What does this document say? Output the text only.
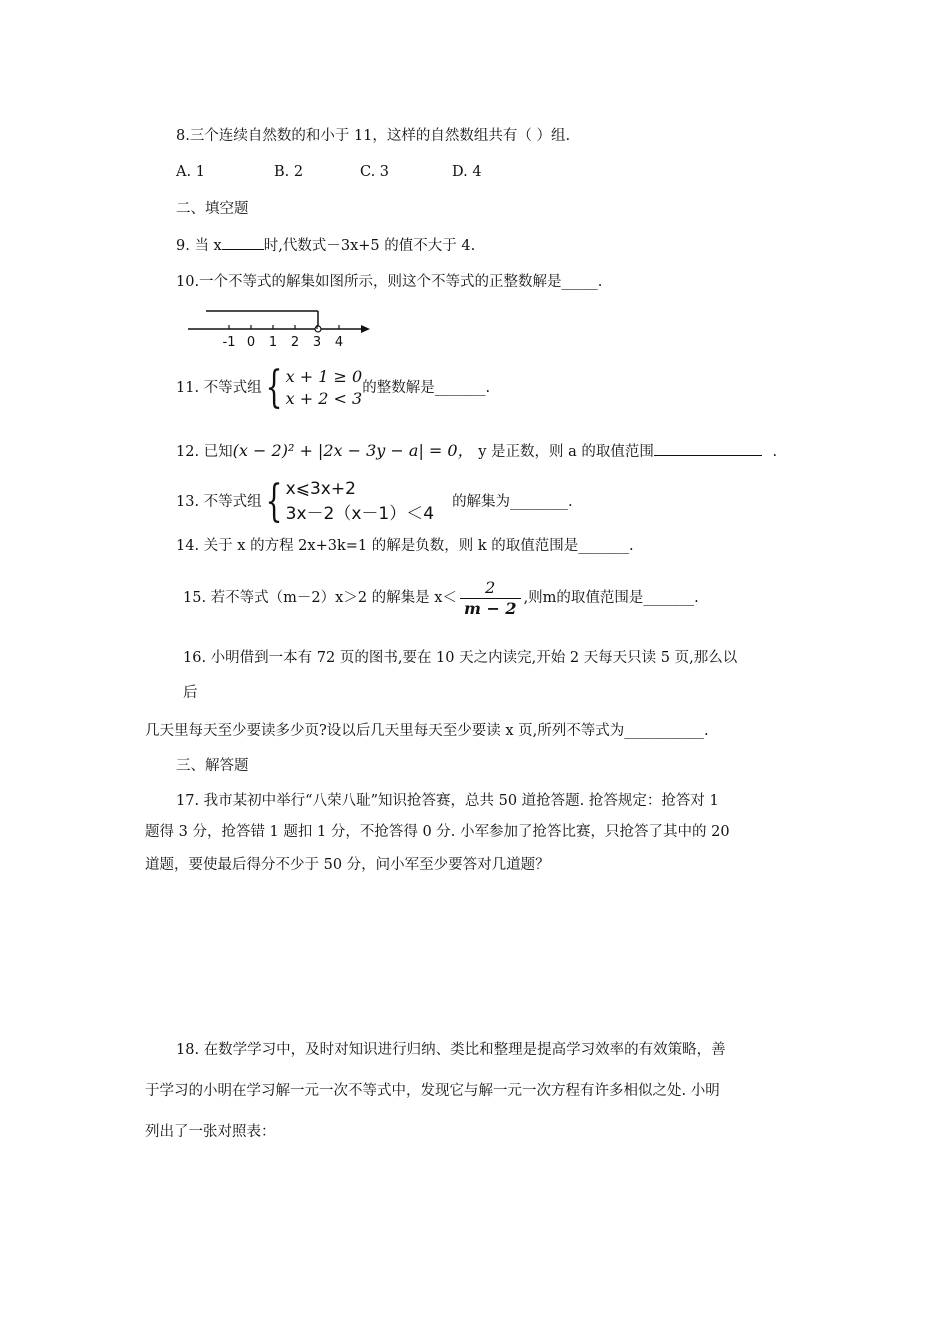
8.三个连续自然数的和小于 11，这样的自然数组共有（ ）组.
A. 1	B. 2	C. 3	D. 4
二、填空题
9. 当 x	时,代数式－3x+5 的值不大于 4.
10.一个不等式的解集如图所示，则这个不等式的正整数解是_____.
-1 0 1 2 3 4
11. 不等式组 { x + 1 ≥ 0
x + 2 < 3
的整数解是_______.
12. 已知(x − 2)² + |2x − 3y − a| = 0， y 是正数，则 a 的取值范围	.
13. 不等式组 { x⩽3x+2
3x－2（x－1）＜4
的解集为________.
14. 关于 x 的方程 2x+3k=1 的解是负数，则 k 的取值范围是_______.
15. 若不等式（m－2）x＞2 的解集是 $x< \frac{2}{m - 2}$ ,则m的取值范围是_______.
16. 小明借到一本有 72 页的图书,要在 10 天之内读完,开始 2 天每天只读 5 页,那么以
后
几天里每天至少要读多少页?设以后几天里每天至少要读 x 页,所列不等式为___________.
三、解答题
17. 我市某初中举行“八荣八耻”知识抢答赛，总共 50 道抢答题. 抢答规定：抢答对 1
题得 3 分，抢答错 1 题扣 1 分，不抢答得 0 分. 小军参加了抢答比赛，只抢答了其中的 20
道题，要使最后得分不少于 50 分，问小军至少要答对几道题？
18. 在数学学习中，及时对知识进行归纳、类比和整理是提高学习效率的有效策略，善
于学习的小明在学习解一元一次不等式中，发现它与解一元一次方程有许多相似之处. 小明
列出了一张对照表：
